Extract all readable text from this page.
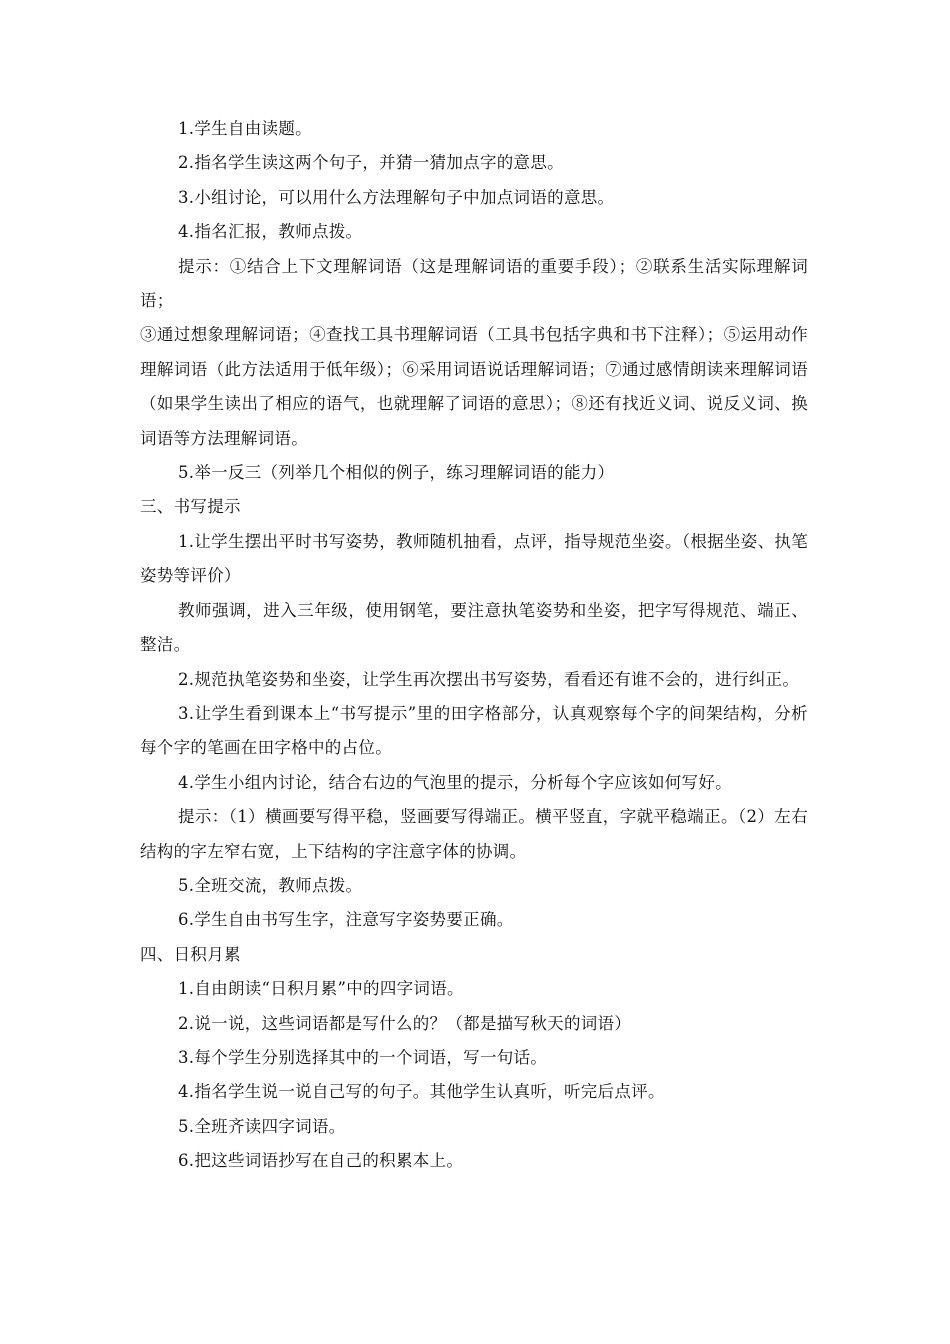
1.学生自由读题。

2.指名学生读这两个句子，并猜一猜加点字的意思。

3.小组讨论，可以用什么方法理解句子中加点词语的意思。

4.指名汇报，教师点拨。

提示：①结合上下文理解词语（这是理解词语的重要手段）；②联系生活实际理解词语；

③通过想象理解词语；④查找工具书理解词语（工具书包括字典和书下注释）；⑤运用动作理解词语（此方法适用于低年级）；⑥采用词语说话理解词语；⑦通过感情朗读来理解词语（如果学生读出了相应的语气，也就理解了词语的意思）；⑧还有找近义词、说反义词、换词语等方法理解词语。

5.举一反三（列举几个相似的例子，练习理解词语的能力）

三、书写提示

1.让学生摆出平时书写姿势，教师随机抽看，点评，指导规范坐姿。（根据坐姿、执笔姿势等评价）

教师强调，进入三年级，使用钢笔，要注意执笔姿势和坐姿，把字写得规范、端正、整洁。

2.规范执笔姿势和坐姿，让学生再次摆出书写姿势，看看还有谁不会的，进行纠正。

3.让学生看到课本上“书写提示”里的田字格部分，认真观察每个字的间架结构，分析每个字的笔画在田字格中的占位。

4.学生小组内讨论，结合右边的气泡里的提示，分析每个字应该如何写好。

提示：（1）横画要写得平稳，竖画要写得端正。横平竖直，字就平稳端正。（2）左右结构的字左窄右宽，上下结构的字注意字体的协调。

5.全班交流，教师点拨。

6.学生自由书写生字，注意写字姿势要正确。

四、日积月累

1.自由朗读“日积月累”中的四字词语。

2.说一说，这些词语都是写什么的？（都是描写秋天的词语）

3.每个学生分别选择其中的一个词语，写一句话。

4.指名学生说一说自己写的句子。其他学生认真听，听完后点评。

5.全班齐读四字词语。

6.把这些词语抄写在自己的积累本上。
